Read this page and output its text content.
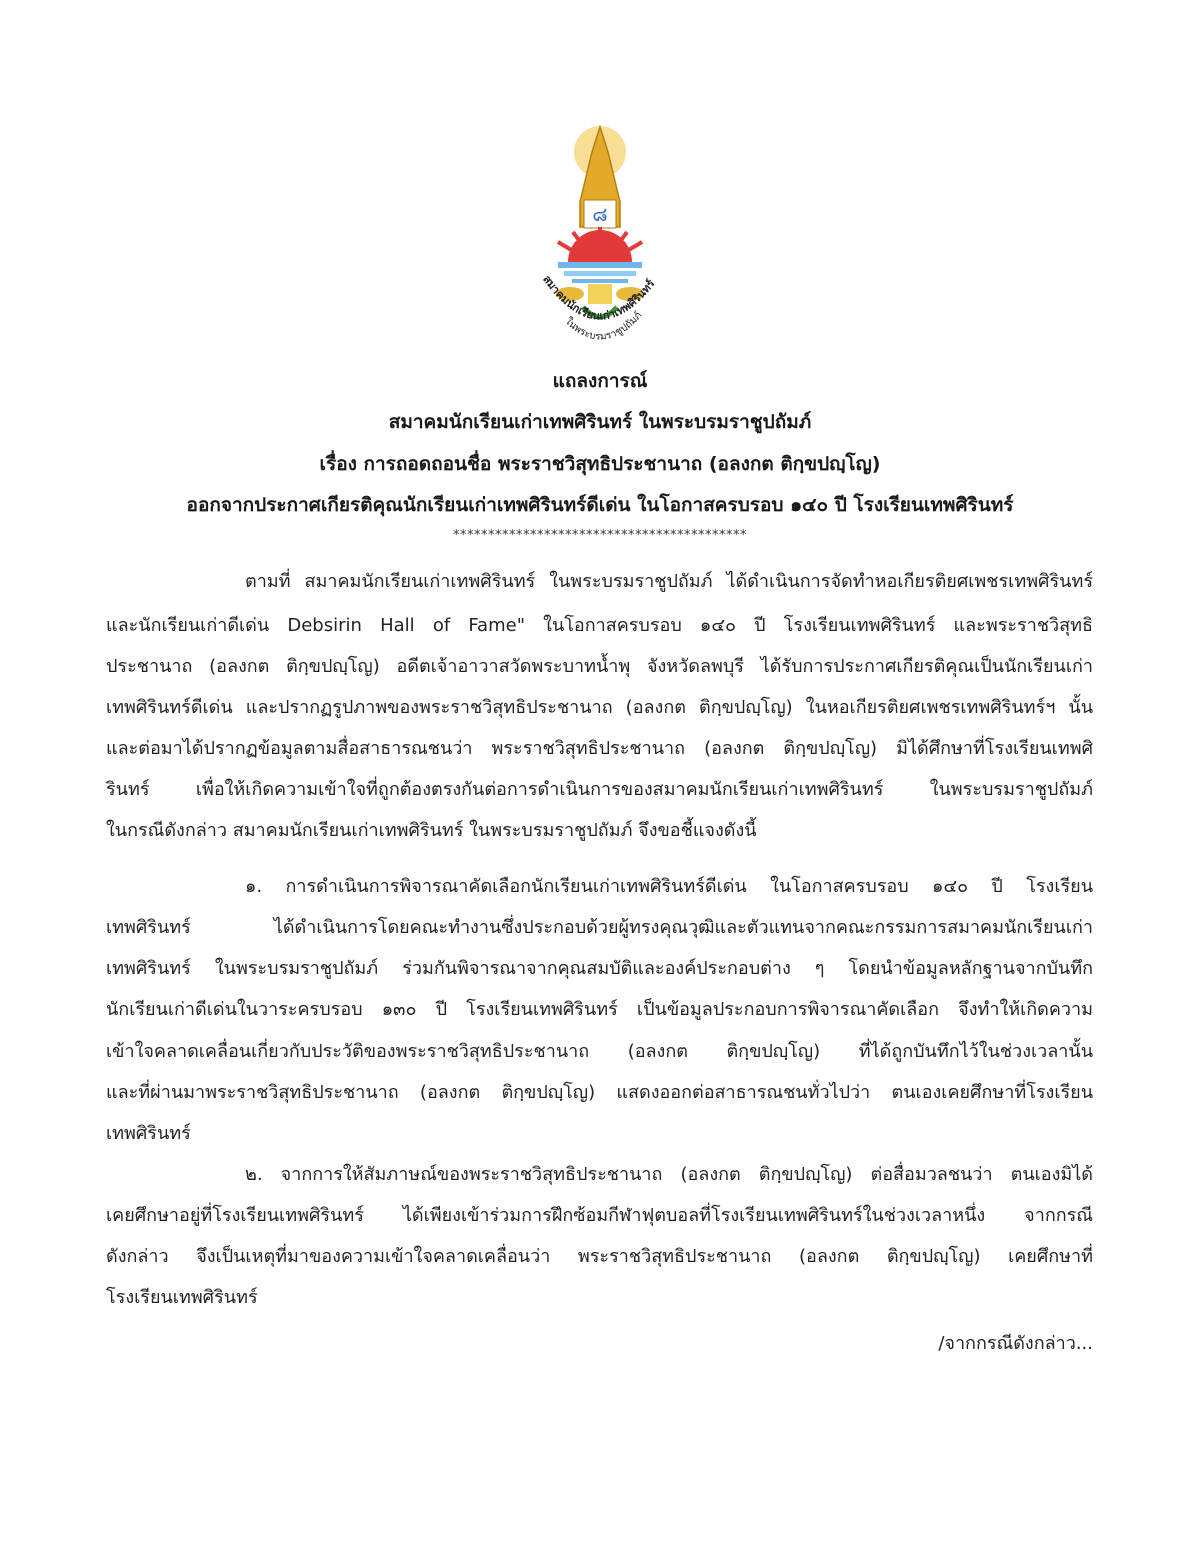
๘
สมาคมนักเรียนเก่าเทพศิรินทร์
ในพระบรมราชูปถัมภ์
แถลงการณ์
สมาคมนักเรียนเก่าเทพศิรินทร์ ในพระบรมราชูปถัมภ์
เรื่อง การถอดถอนชื่อ พระราชวิสุทธิประชานาถ (อลงกต ติกฺขปญฺโญ)
ออกจากประกาศเกียรติคุณนักเรียนเก่าเทพศิรินทร์ดีเด่น ในโอกาสครบรอบ ๑๔๐ ปี โรงเรียนเทพศิรินทร์
******************************************
ตามที่ สมาคมนักเรียนเก่าเทพศิรินทร์ ในพระบรมราชูปถัมภ์ ได้ดำเนินการจัดทำหอเกียรติยศเพชรเทพศิรินทร์
และนักเรียนเก่าดีเด่น Debsirin Hall of Fame" ในโอกาสครบรอบ ๑๔๐ ปี โรงเรียนเทพศิรินทร์ และพระราชวิสุทธิ
ประชานาถ (อลงกต ติกฺขปญฺโญ) อดีตเจ้าอาวาสวัดพระบาทน้ำพุ จังหวัดลพบุรี ได้รับการประกาศเกียรติคุณเป็นนักเรียนเก่า
เทพศิรินทร์ดีเด่น และปรากฏรูปภาพของพระราชวิสุทธิประชานาถ (อลงกต ติกฺขปญฺโญ) ในหอเกียรติยศเพชรเทพศิรินทร์ฯ นั้น
และต่อมาได้ปรากฏข้อมูลตามสื่อสาธารณชนว่า พระราชวิสุทธิประชานาถ (อลงกต ติกฺขปญฺโญ) มิได้ศึกษาที่โรงเรียนเทพศิ
รินทร์ เพื่อให้เกิดความเข้าใจที่ถูกต้องตรงกันต่อการดำเนินการของสมาคมนักเรียนเก่าเทพศิรินทร์ ในพระบรมราชูปถัมภ์
ในกรณีดังกล่าว สมาคมนักเรียนเก่าเทพศิรินทร์ ในพระบรมราชูปถัมภ์ จึงขอชี้แจงดังนี้
๑. การดำเนินการพิจารณาคัดเลือกนักเรียนเก่าเทพศิรินทร์ดีเด่น ในโอกาสครบรอบ ๑๔๐ ปี โรงเรียน
เทพศิรินทร์ ได้ดำเนินการโดยคณะทำงานซึ่งประกอบด้วยผู้ทรงคุณวุฒิและตัวแทนจากคณะกรรมการสมาคมนักเรียนเก่า
เทพศิรินทร์ ในพระบรมราชูปถัมภ์ ร่วมกันพิจารณาจากคุณสมบัติและองค์ประกอบต่าง ๆ โดยนำข้อมูลหลักฐานจากบันทึก
นักเรียนเก่าดีเด่นในวาระครบรอบ ๑๓๐ ปี โรงเรียนเทพศิรินทร์ เป็นข้อมูลประกอบการพิจารณาคัดเลือก จึงทำให้เกิดความ
เข้าใจคลาดเคลื่อนเกี่ยวกับประวัติของพระราชวิสุทธิประชานาถ (อลงกต ติกฺขปญฺโญ) ที่ได้ถูกบันทึกไว้ในช่วงเวลานั้น
และที่ผ่านมาพระราชวิสุทธิประชานาถ (อลงกต ติกฺขปญฺโญ) แสดงออกต่อสาธารณชนทั่วไปว่า ตนเองเคยศึกษาที่โรงเรียน
เทพศิรินทร์
๒. จากการให้สัมภาษณ์ของพระราชวิสุทธิประชานาถ (อลงกต ติกฺขปญฺโญ) ต่อสื่อมวลชนว่า ตนเองมิได้
เคยศึกษาอยู่ที่โรงเรียนเทพศิรินทร์ ได้เพียงเข้าร่วมการฝึกซ้อมกีฬาฟุตบอลที่โรงเรียนเทพศิรินทร์ในช่วงเวลาหนึ่ง จากกรณี
ดังกล่าว จึงเป็นเหตุที่มาของความเข้าใจคลาดเคลื่อนว่า พระราชวิสุทธิประชานาถ (อลงกต ติกฺขปญฺโญ) เคยศึกษาที่
โรงเรียนเทพศิรินทร์
/จากกรณีดังกล่าว...
